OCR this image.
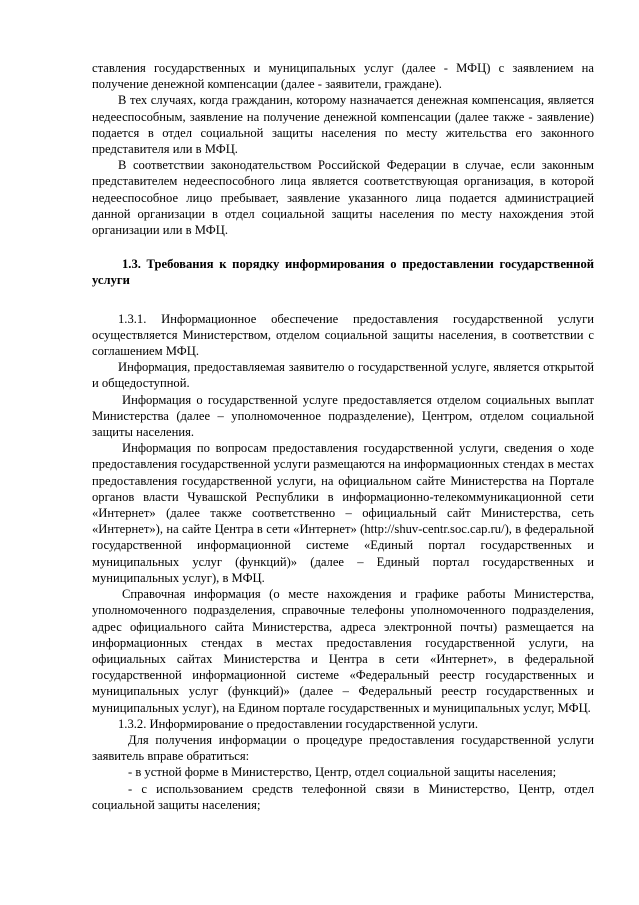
ставления государственных и муниципальных услуг (далее - МФЦ) с заявлением на получение денежной компенсации (далее - заявители, граждане).

В тех случаях, когда гражданин, которому назначается денежная компенсация, является недееспособным, заявление на получение денежной компенсации (далее также - заявление) подается в отдел социальной защиты населения по месту жительства его законного представителя или в МФЦ.

В соответствии законодательством Российской Федерации в случае, если законным представителем недееспособного лица является соответствующая организация, в которой недееспособное лицо пребывает, заявление указанного лица подается администрацией данной организации в отдел социальной защиты населения по месту нахождения этой организации или в МФЦ.

1.3. Требования к порядку информирования о предоставлении государственной услуги

1.3.1. Информационное обеспечение предоставления государственной услуги осуществляется Министерством, отделом социальной защиты населения, в соответствии с соглашением МФЦ.

Информация, предоставляемая заявителю о государственной услуге, является открытой и общедоступной.

Информация о государственной услуге предоставляется отделом социальных выплат Министерства (далее – уполномоченное подразделение), Центром, отделом социальной защиты населения.

Информация по вопросам предоставления государственной услуги, сведения о ходе предоставления государственной услуги размещаются на информационных стендах в местах предоставления государственной услуги, на официальном сайте Министерства на Портале органов власти Чувашской Республики в информационно-телекоммуникационной сети «Интернет» (далее также соответственно – официальный сайт Министерства, сеть «Интернет»), на сайте Центра в сети «Интернет» (http://shuv-centr.soc.cap.ru/), в федеральной государственной информационной системе «Единый портал государственных и муниципальных услуг (функций)» (далее – Единый портал государственных и муниципальных услуг), в МФЦ.

Справочная информация (о месте нахождения и графике работы Министерства, уполномоченного подразделения, справочные телефоны уполномоченного подразделения, адрес официального сайта Министерства, адреса электронной почты) размещается на информационных стендах в местах предоставления государственной услуги, на официальных сайтах Министерства и Центра в сети «Интернет», в федеральной государственной информационной системе «Федеральный реестр государственных и муниципальных услуг (функций)» (далее – Федеральный реестр государственных и муниципальных услуг), на Едином портале государственных и муниципальных услуг, МФЦ.

1.3.2. Информирование о предоставлении государственной услуги.

Для получения информации о процедуре предоставления государственной услуги заявитель вправе обратиться:

- в устной форме в Министерство, Центр, отдел социальной защиты населения;

- с использованием средств телефонной связи в Министерство, Центр, отдел социальной защиты населения;
